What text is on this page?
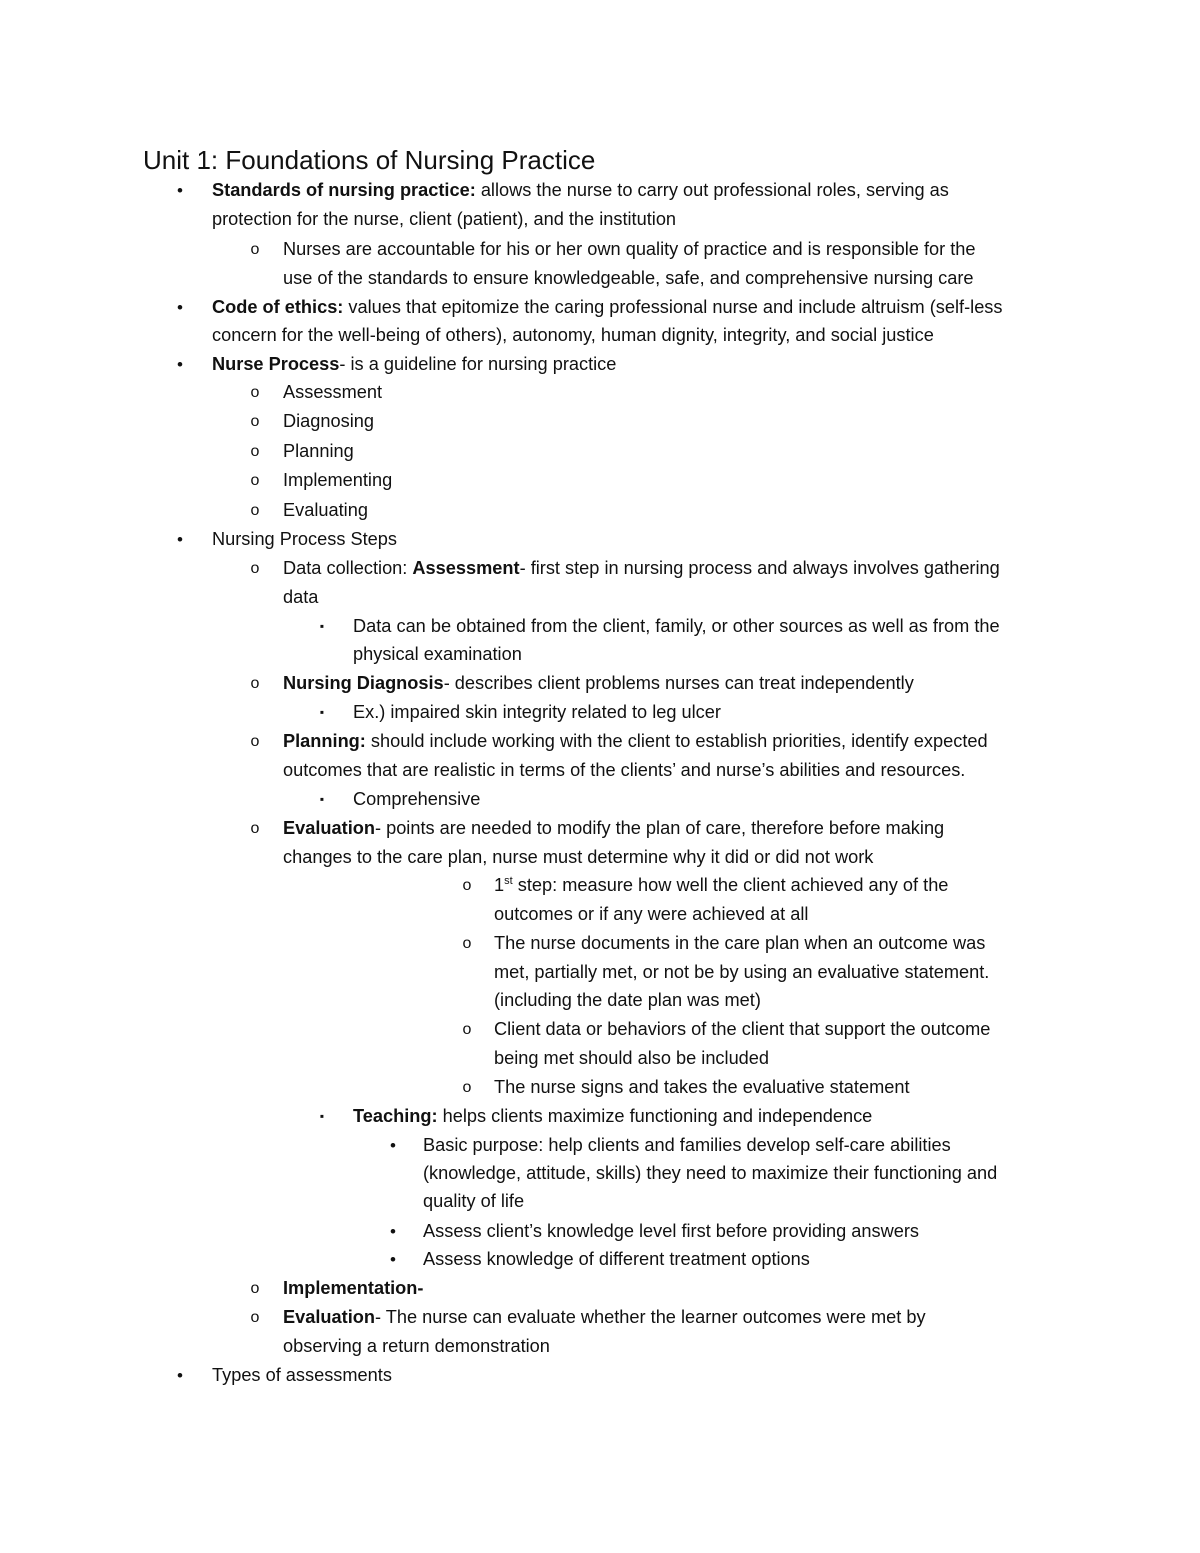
Unit 1: Foundations of Nursing Practice
•	Standards of nursing practice: allows the nurse to carry out professional roles, serving as
protection for the nurse, client (patient), and the institution
o Nurses are accountable for his or her own quality of practice and is responsible for the
use of the standards to ensure knowledgeable, safe, and comprehensive nursing care
•	Code of ethics: values that epitomize the caring professional nurse and include altruism (self-less
concern for the well-being of others), autonomy, human dignity, integrity, and social justice
•	Nurse Process- is a guideline for nursing practice
o Assessment
o Diagnosing
o Planning
o Implementing
o Evaluating
•	Nursing Process Steps
o Data collection: Assessment- first step in nursing process and always involves gathering
data
▪	Data can be obtained from the client, family, or other sources as well as from the
physical examination
o Nursing Diagnosis- describes client problems nurses can treat independently
▪	Ex.) impaired skin integrity related to leg ulcer
o Planning: should include working with the client to establish priorities, identify expected
outcomes that are realistic in terms of the clients’ and nurse’s abilities and resources.
▪	Comprehensive
o Evaluation- points are needed to modify the plan of care, therefore before making
changes to the care plan, nurse must determine why it did or did not work
o 1st step: measure how well the client achieved any of the
outcomes or if any were achieved at all
o The nurse documents in the care plan when an outcome was
met, partially met, or not be by using an evaluative statement.
(including the date plan was met)
o Client data or behaviors of the client that support the outcome
being met should also be included
o The nurse signs and takes the evaluative statement
▪	Teaching: helps clients maximize functioning and independence
•	Basic purpose: help clients and families develop self-care abilities
(knowledge, attitude, skills) they need to maximize their functioning and
quality of life
•	Assess client’s knowledge level first before providing answers
•	Assess knowledge of different treatment options
o Implementation-
o Evaluation- The nurse can evaluate whether the learner outcomes were met by
observing a return demonstration
•	Types of assessments
